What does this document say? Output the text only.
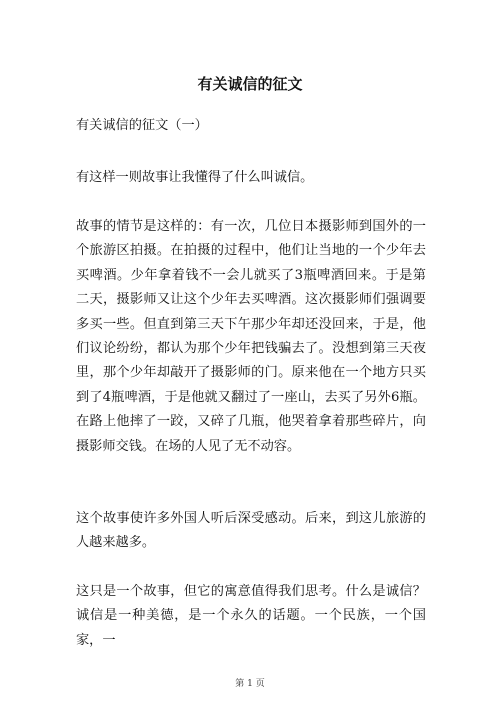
有关诚信的征文

有关诚信的征文（一）

有这样一则故事让我懂得了什么叫诚信。

故事的情节是这样的：有一次，几位日本摄影师到国外的一个旅游区拍摄。在拍摄的过程中，他们让当地的一个少年去买啤酒。少年拿着钱不一会儿就买了3瓶啤酒回来。于是第二天，摄影师又让这个少年去买啤酒。这次摄影师们强调要多买一些。但直到第三天下午那少年却还没回来，于是，他们议论纷纷，都认为那个少年把钱骗去了。没想到第三天夜里，那个少年却敲开了摄影师的门。原来他在一个地方只买到了4瓶啤酒，于是他就又翻过了一座山，去买了另外6瓶。在路上他摔了一跤，又碎了几瓶，他哭着拿着那些碎片，向摄影师交钱。在场的人见了无不动容。

这个故事使许多外国人听后深受感动。后来，到这儿旅游的人越来越多。

这只是一个故事，但它的寓意值得我们思考。什么是诚信？诚信是一种美德，是一个永久的话题。一个民族，一个国家，一

第 1 页
